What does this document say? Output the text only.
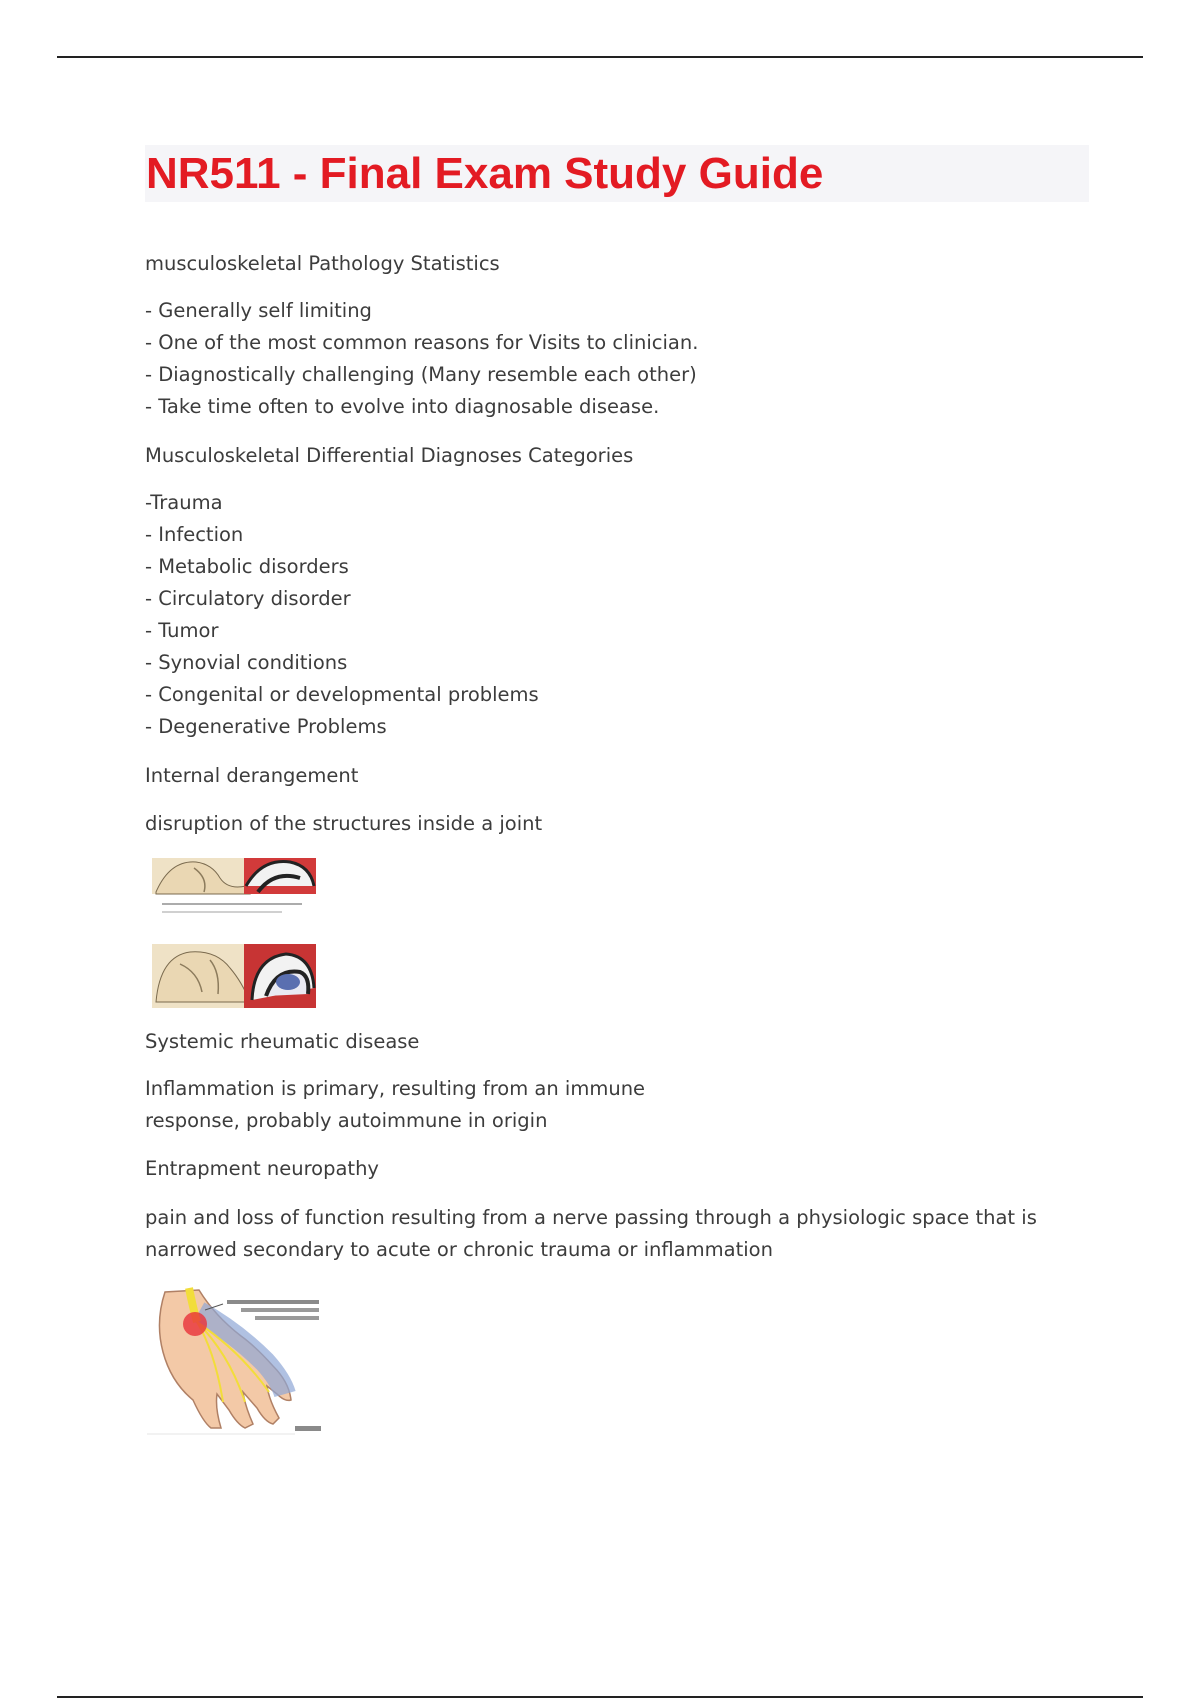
NR511 - Final Exam Study Guide

musculoskeletal Pathology Statistics

- Generally self limiting
- One of the most common reasons for Visits to clinician.
- Diagnostically challenging (Many resemble each other)
- Take time often to evolve into diagnosable disease.

Musculoskeletal Differential Diagnoses Categories

-Trauma
- Infection
- Metabolic disorders
- Circulatory disorder
- Tumor
- Synovial conditions
- Congenital or developmental problems
- Degenerative Problems

Internal derangement

disruption of the structures inside a joint

Systemic rheumatic disease

Inflammation is primary, resulting from an immune

response, probably autoimmune in origin

Entrapment neuropathy

pain and loss of function resulting from a nerve passing through a physiologic space that is

narrowed secondary to acute or chronic trauma or inflammation
